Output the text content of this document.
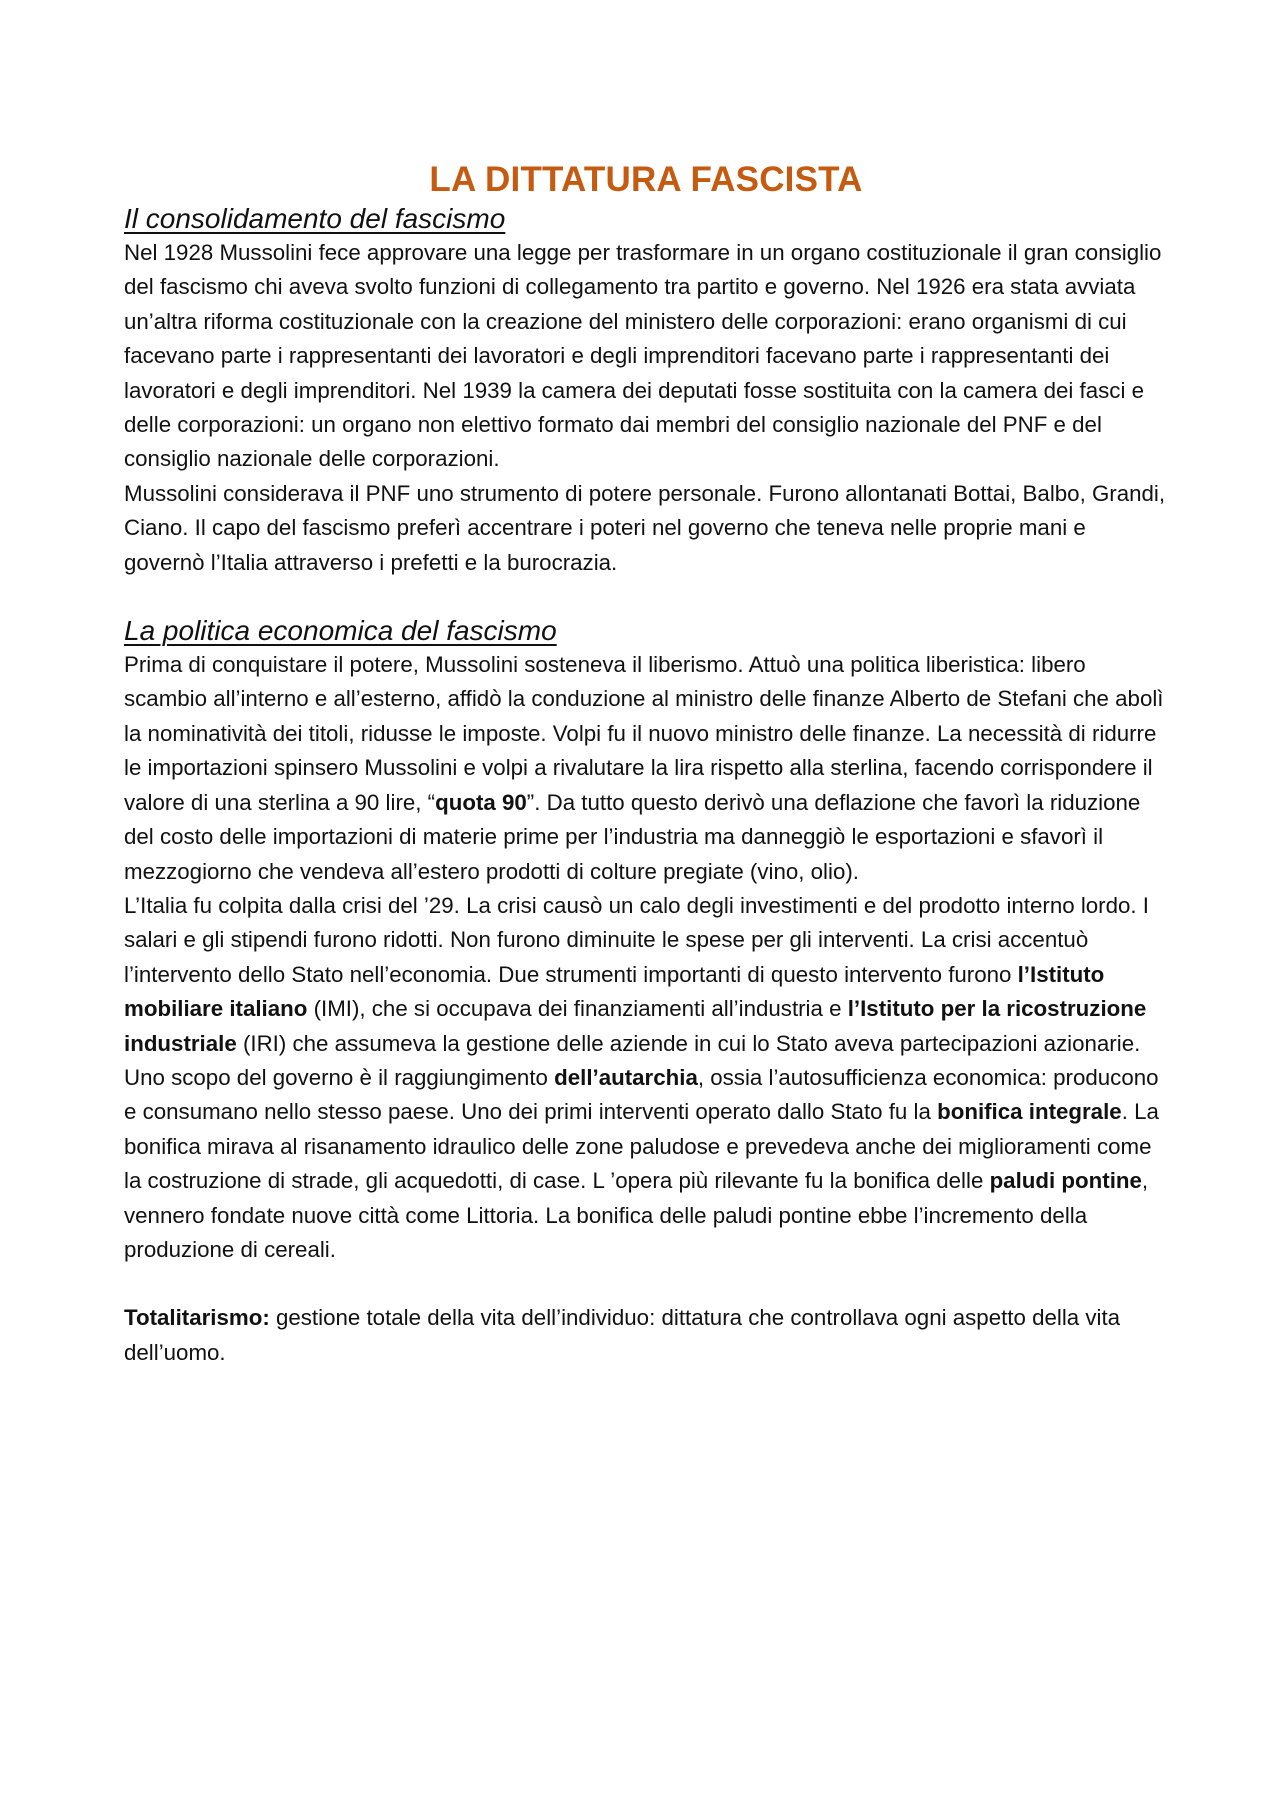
LA DITTATURA FASCISTA
Il consolidamento del fascismo

Nel 1928 Mussolini fece approvare una legge per trasformare in un organo costituzionale il gran consiglio del fascismo chi aveva svolto funzioni di collegamento tra partito e governo. Nel 1926 era stata avviata un’altra riforma costituzionale con la creazione del ministero delle corporazioni: erano organismi di cui facevano parte i rappresentanti dei lavoratori e degli imprenditori facevano parte i rappresentanti dei lavoratori e degli imprenditori. Nel 1939 la camera dei deputati fosse sostituita con la camera dei fasci e delle corporazioni: un organo non elettivo formato dai membri del consiglio nazionale del PNF e del consiglio nazionale delle corporazioni.

Mussolini considerava il PNF uno strumento di potere personale. Furono allontanati Bottai, Balbo, Grandi, Ciano. Il capo del fascismo preferì accentrare i poteri nel governo che teneva nelle proprie mani e governò l’Italia attraverso i prefetti e la burocrazia.

La politica economica del fascismo

Prima di conquistare il potere, Mussolini sosteneva il liberismo. Attuò una politica liberistica: libero scambio all’interno e all’esterno, affidò la conduzione al ministro delle finanze Alberto de Stefani che abolì la nominatività dei titoli, ridusse le imposte. Volpi fu il nuovo ministro delle finanze. La necessità di ridurre le importazioni spinsero Mussolini e volpi a rivalutare la lira rispetto alla sterlina, facendo corrispondere il valore di una sterlina a 90 lire, “quota 90”. Da tutto questo derivò una deflazione che favorì la riduzione del costo delle importazioni di materie prime per l’industria ma danneggiò le esportazioni e sfavorì il mezzogiorno che vendeva all’estero prodotti di colture pregiate (vino, olio).

L’Italia fu colpita dalla crisi del ’29. La crisi causò un calo degli investimenti e del prodotto interno lordo. I salari e gli stipendi furono ridotti. Non furono diminuite le spese per gli interventi. La crisi accentuò l’intervento dello Stato nell’economia. Due strumenti importanti di questo intervento furono l’Istituto mobiliare italiano (IMI), che si occupava dei finanziamenti all’industria e l’Istituto per la ricostruzione industriale (IRI) che assumeva la gestione delle aziende in cui lo Stato aveva partecipazioni azionarie.

Uno scopo del governo è il raggiungimento dell’autarchia, ossia l’autosufficienza economica: producono e consumano nello stesso paese. Uno dei primi interventi operato dallo Stato fu la bonifica integrale. La bonifica mirava al risanamento idraulico delle zone paludose e prevedeva anche dei miglioramenti come la costruzione di strade, gli acquedotti, di case. L ’opera più rilevante fu la bonifica delle paludi pontine, vennero fondate nuove città come Littoria. La bonifica delle paludi pontine ebbe l’incremento della produzione di cereali.

Totalitarismo: gestione totale della vita dell’individuo: dittatura che controllava ogni aspetto della vita dell’uomo.
